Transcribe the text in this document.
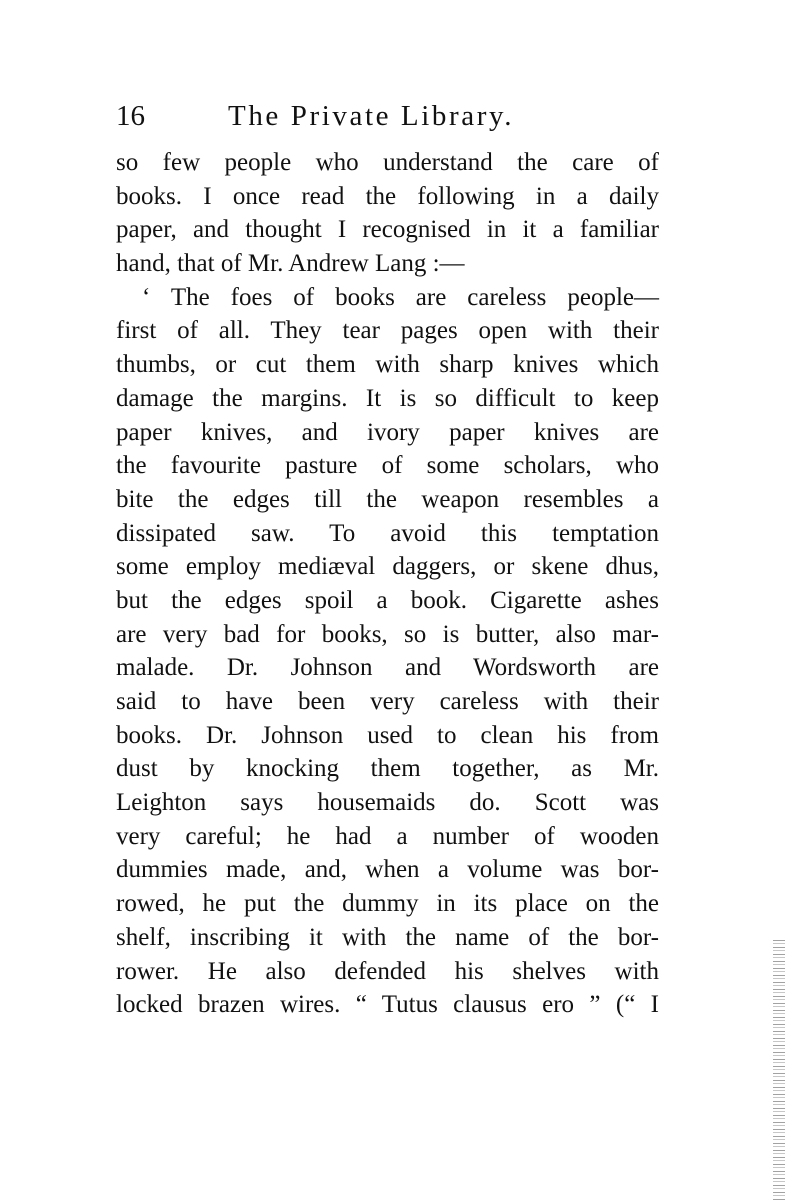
16	The Private Library.
so few people who understand the care of
books. I once read the following in a daily
paper, and thought I recognised in it a familiar
hand, that of Mr. Andrew Lang :—
‘ The foes of books are careless people—
first of all. They tear pages open with their
thumbs, or cut them with sharp knives which
damage the margins. It is so difficult to keep
paper knives, and ivory paper knives are
the favourite pasture of some scholars, who
bite the edges till the weapon resembles a
dissipated saw. To avoid this temptation
some employ mediæval daggers, or skene dhus,
but the edges spoil a book. Cigarette ashes
are very bad for books, so is butter, also mar-
malade. Dr. Johnson and Wordsworth are
said to have been very careless with their
books. Dr. Johnson used to clean his from
dust by knocking them together, as Mr.
Leighton says housemaids do. Scott was
very careful; he had a number of wooden
dummies made, and, when a volume was bor-
rowed, he put the dummy in its place on the
shelf, inscribing it with the name of the bor-
rower. He also defended his shelves with
locked brazen wires. “ Tutus clausus ero ” (“ I
